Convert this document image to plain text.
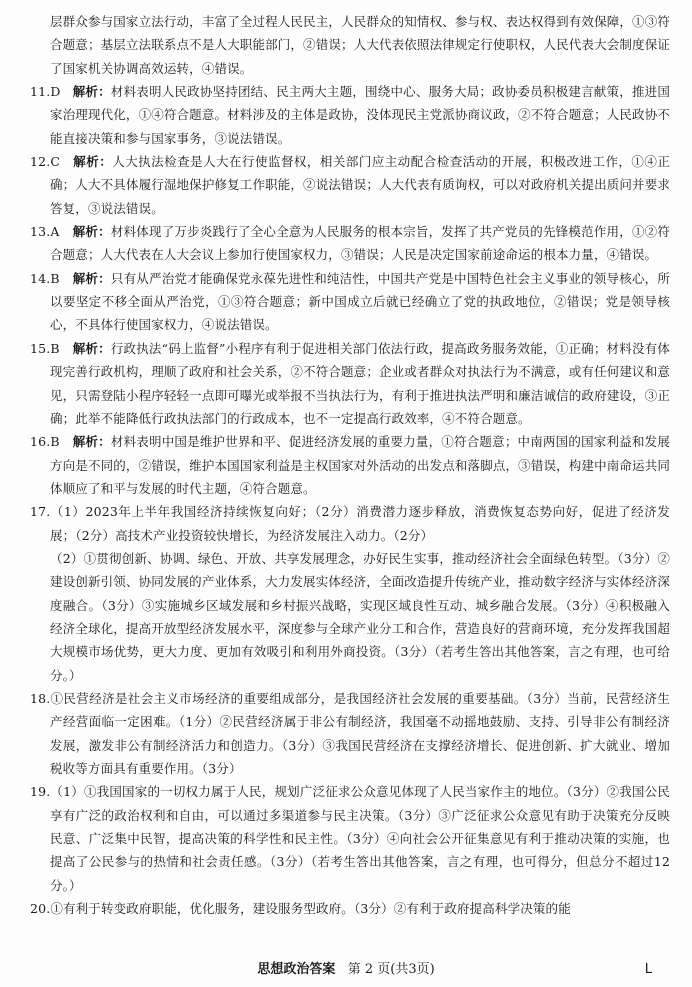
层群众参与国家立法行动，丰富了全过程人民民主，人民群众的知情权、参与权、表达权得到有效保障，①③符合题意；基层立法联系点不是人大职能部门，②错误；人大代表依照法律规定行使职权，人民代表大会制度保证了国家机关协调高效运转，④错误。

11.D 解析：材料表明人民政协坚持团结、民主两大主题，围绕中心、服务大局；政协委员积极建言献策，推进国家治理现代化，①④符合题意。材料涉及的主体是政协，没体现民主党派协商议政，②不符合题意；人民政协不能直接决策和参与国家事务，③说法错误。

12.C 解析：人大执法检查是人大在行使监督权，相关部门应主动配合检查活动的开展，积极改进工作，①④正确；人大不具体履行湿地保护修复工作职能，②说法错误；人大代表有质询权，可以对政府机关提出质问并要求答复，③说法错误。

13.A 解析：材料体现了万步炎践行了全心全意为人民服务的根本宗旨，发挥了共产党员的先锋模范作用，①②符合题意；人大代表在人大会议上参加行使国家权力，③错误；人民是决定国家前途命运的根本力量，④错误。

14.B 解析：只有从严治党才能确保党永葆先进性和纯洁性，中国共产党是中国特色社会主义事业的领导核心，所以要坚定不移全面从严治党，①③符合题意；新中国成立后就已经确立了党的执政地位，②错误；党是领导核心，不具体行使国家权力，④说法错误。

15.B 解析：行政执法“码上监督”小程序有利于促进相关部门依法行政，提高政务服务效能，①正确；材料没有体现完善行政机构，理顺了政府和社会关系，②不符合题意；企业或者群众对执法行为不满意，或有任何建议和意见，只需登陆小程序轻轻一点即可曝光或举报不当执法行为，有利于推进执法严明和廉洁诚信的政府建设，③正确；此举不能降低行政执法部门的行政成本，也不一定提高行政效率，④不符合题意。

16.B 解析：材料表明中国是维护世界和平、促进经济发展的重要力量，①符合题意；中南两国的国家利益和发展方向是不同的，②错误，维护本国国家利益是主权国家对外活动的出发点和落脚点，③错误，构建中南命运共同体顺应了和平与发展的时代主题，④符合题意。

17.（1）2023年上半年我国经济持续恢复向好；（2分）消费潜力逐步释放，消费恢复态势向好，促进了经济发展；（2分）高技术产业投资较快增长，为经济发展注入动力。（2分）

（2）①贯彻创新、协调、绿色、开放、共享发展理念，办好民生实事，推动经济社会全面绿色转型。（3分）②建设创新引领、协同发展的产业体系，大力发展实体经济，全面改造提升传统产业，推动数字经济与实体经济深度融合。（3分）③实施城乡区域发展和乡村振兴战略，实现区域良性互动、城乡融合发展。（3分）④积极融入经济全球化，提高开放型经济发展水平，深度参与全球产业分工和合作，营造良好的营商环境，充分发挥我国超大规模市场优势，更大力度、更加有效吸引和利用外商投资。（3分）（若考生答出其他答案，言之有理，也可给分。）

18.①民营经济是社会主义市场经济的重要组成部分，是我国经济社会发展的重要基础。（3分）当前，民营经济生产经营面临一定困难。（1分）②民营经济属于非公有制经济，我国毫不动摇地鼓励、支持、引导非公有制经济发展，激发非公有制经济活力和创造力。（3分）③我国民营经济在支撑经济增长、促进创新、扩大就业、增加税收等方面具有重要作用。（3分）

19.（1）①我国国家的一切权力属于人民，规划广泛征求公众意见体现了人民当家作主的地位。（3分）②我国公民享有广泛的政治权利和自由，可以通过多渠道参与民主决策。（3分）③广泛征求公众意见有助于决策充分反映民意、广泛集中民智，提高决策的科学性和民主性。（3分）④向社会公开征集意见有利于推动决策的实施，也提高了公民参与的热情和社会责任感。（3分）（若考生答出其他答案，言之有理，也可得分，但总分不超过12分。）

20.①有利于转变政府职能，优化服务，建设服务型政府。（3分）②有利于政府提高科学决策的能

思想政治答案 第 2 页(共3页)	L
